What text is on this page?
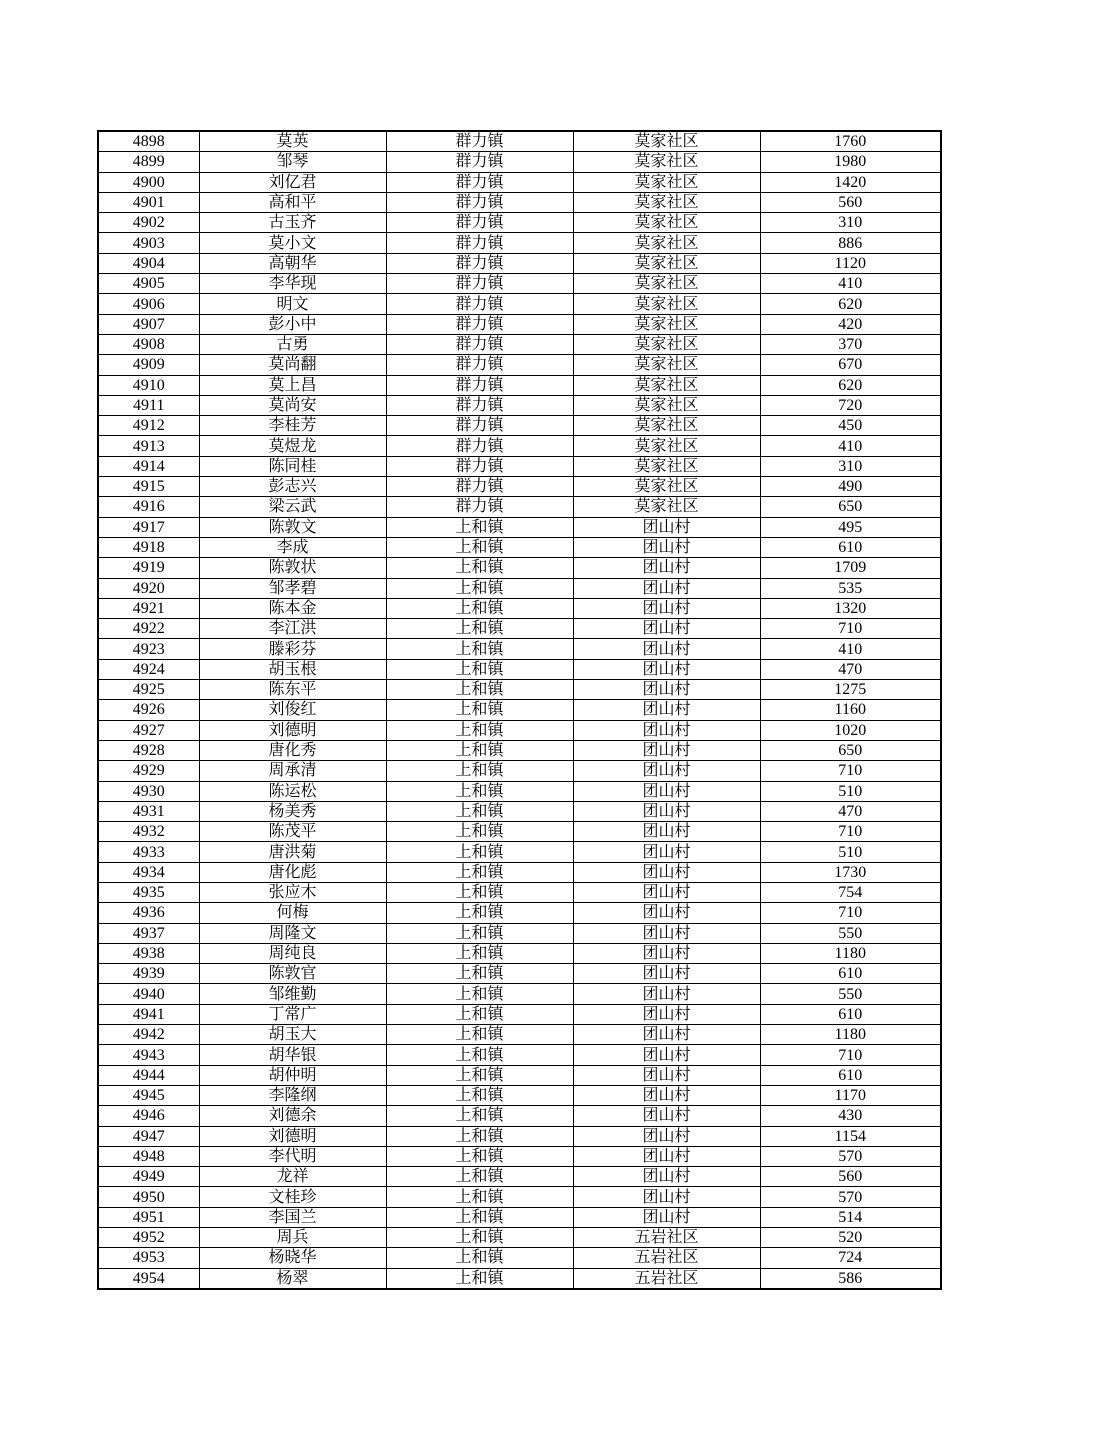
4898	莫英	群力镇	莫家社区	1760
4899	邹琴	群力镇	莫家社区	1980
4900	刘亿君	群力镇	莫家社区	1420
4901	高和平	群力镇	莫家社区	560
4902	古玉齐	群力镇	莫家社区	310
4903	莫小文	群力镇	莫家社区	886
4904	高朝华	群力镇	莫家社区	1120
4905	李华现	群力镇	莫家社区	410
4906	明文	群力镇	莫家社区	620
4907	彭小中	群力镇	莫家社区	420
4908	古勇	群力镇	莫家社区	370
4909	莫尚翻	群力镇	莫家社区	670
4910	莫上昌	群力镇	莫家社区	620
4911	莫尚安	群力镇	莫家社区	720
4912	李桂芳	群力镇	莫家社区	450
4913	莫煜龙	群力镇	莫家社区	410
4914	陈同桂	群力镇	莫家社区	310
4915	彭志兴	群力镇	莫家社区	490
4916	梁云武	群力镇	莫家社区	650
4917	陈敦文	上和镇	团山村	495
4918	李成	上和镇	团山村	610
4919	陈敦状	上和镇	团山村	1709
4920	邹孝碧	上和镇	团山村	535
4921	陈本金	上和镇	团山村	1320
4922	李江洪	上和镇	团山村	710
4923	滕彩芬	上和镇	团山村	410
4924	胡玉根	上和镇	团山村	470
4925	陈东平	上和镇	团山村	1275
4926	刘俊红	上和镇	团山村	1160
4927	刘德明	上和镇	团山村	1020
4928	唐化秀	上和镇	团山村	650
4929	周承清	上和镇	团山村	710
4930	陈运松	上和镇	团山村	510
4931	杨美秀	上和镇	团山村	470
4932	陈茂平	上和镇	团山村	710
4933	唐洪菊	上和镇	团山村	510
4934	唐化彪	上和镇	团山村	1730
4935	张应木	上和镇	团山村	754
4936	何梅	上和镇	团山村	710
4937	周隆文	上和镇	团山村	550
4938	周纯良	上和镇	团山村	1180
4939	陈敦官	上和镇	团山村	610
4940	邹维勤	上和镇	团山村	550
4941	丁常广	上和镇	团山村	610
4942	胡玉大	上和镇	团山村	1180
4943	胡华银	上和镇	团山村	710
4944	胡仲明	上和镇	团山村	610
4945	李隆纲	上和镇	团山村	1170
4946	刘德余	上和镇	团山村	430
4947	刘德明	上和镇	团山村	1154
4948	李代明	上和镇	团山村	570
4949	龙祥	上和镇	团山村	560
4950	文桂珍	上和镇	团山村	570
4951	李国兰	上和镇	团山村	514
4952	周兵	上和镇	五岩社区	520
4953	杨晓华	上和镇	五岩社区	724
4954	杨翠	上和镇	五岩社区	586
